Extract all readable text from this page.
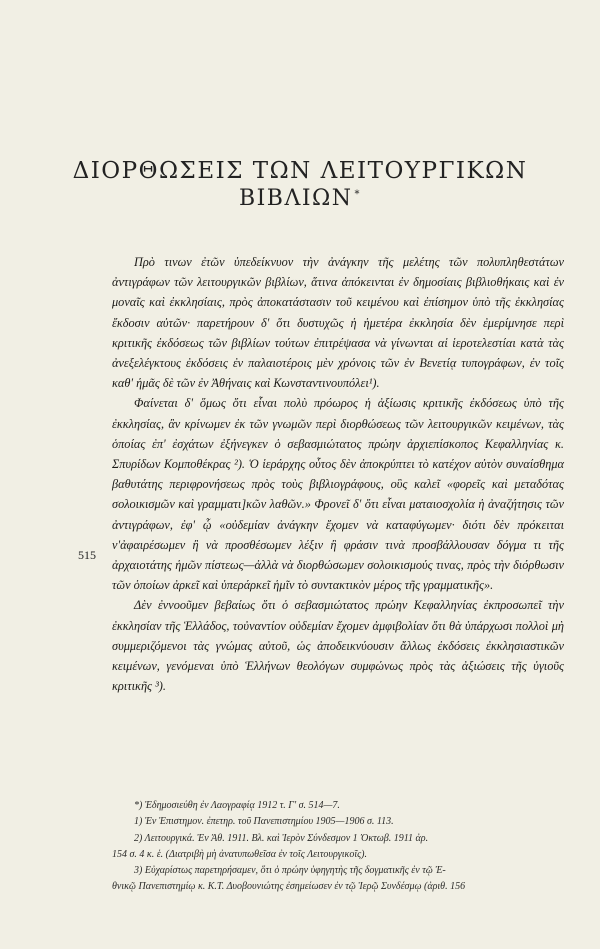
ΔΙΟΡΘΩΣΕΙΣ ΤΩΝ ΛΕΙΤΟΥΡΓΙΚΩΝ
ΒΙΒΛΙΩΝ *

Πρὸ τινων ἐτῶν ὑπεδείκνυον τὴν ἀνάγκην τῆς μελέτης τῶν πολυπληθεστάτων ἀντιγράφων τῶν λειτουργικῶν βιβλίων, ἅτινα ἀπόκεινται ἐν δημοσίαις βιβλιοθήκαις καὶ ἐν μοναῖς καὶ ἐκκλησίαις, πρὸς ἀποκατάστασιν τοῦ κειμένου καὶ ἐπίσημον ὑπὸ τῆς ἐκκλησίας ἔκδοσιν αὐτῶν· παρετήρουν δ' ὅτι δυστυχῶς ἡ ἡμετέρα ἐκκλησία δὲν ἐμερίμνησε περὶ κριτικῆς ἐκδόσεως τῶν βιβλίων τούτων ἐπιτρέψασα νὰ γίνωνται αἱ ἱεροτελεστίαι κατὰ τὰς ἀνεξελέγκτους ἐκδόσεις ἐν παλαιοτέροις μὲν χρόνοις τῶν ἐν Βενετίᾳ τυπογράφων, ἐν τοῖς καθ' ἡμᾶς δὲ τῶν ἐν Ἀθήναις καὶ Κωνσταντινουπόλει¹).

Φαίνεται δ' ὅμως ὅτι εἶναι πολὺ πρόωρος ἡ ἀξίωσις κριτικῆς ἐκδόσεως ὑπὸ τῆς ἐκκλησίας, ἂν κρίνωμεν ἐκ τῶν γνωμῶν περὶ διορθώσεως τῶν λειτουργικῶν κειμένων, τὰς ὁποίας ἐπ' ἐσχάτων ἐξήνεγκεν ὁ σεβασμιώτατος πρώην ἀρχιεπίσκοπος Κεφαλληνίας κ. Σπυρίδων Κομποθέκρας ²). Ὁ ἱεράρχης οὗτος δὲν ἀποκρύπτει τὸ κατέχον αὐτὸν συναίσθημα βαθυτάτης περιφρονήσεως πρὸς τοὺς βιβλιογράφους, οὓς καλεῖ «φορεῖς καὶ μεταδότας σολοικισμῶν καὶ γραμματι]κῶν λαθῶν.» Φρονεῖ δ' ὅτι εἶναι ματαιοσχολία ἡ ἀναζήτησις τῶν ἀντιγράφων, ἐφ' ᾧ «οὐδεμίαν ἀνάγκην ἔχομεν νὰ καταφύγωμεν· διότι δὲν πρόκειται ν'ἀφαιρέσωμεν ἢ νὰ προσθέσωμεν λέξιν ἢ φράσιν τινὰ προσβάλλουσαν δόγμα τι τῆς ἀρχαιοτάτης ἡμῶν πίστεως—ἀλλὰ νὰ διορθώσωμεν σολοικισμούς τινας, πρὸς τὴν διόρθωσιν τῶν ὁποίων ἀρκεῖ καὶ ὑπεράρκεῖ ἡμῖν τὸ συντακτικὸν μέρος τῆς γραμματικῆς».

Δὲν ἐννοοῦμεν βεβαίως ὅτι ὁ σεβασμιώτατος πρώην Κεφαλληνίας ἐκπροσωπεῖ τὴν ἐκκλησίαν τῆς Ἑλλάδος, τοὐναντίον οὐδεμίαν ἔχομεν ἀμφιβολίαν ὅτι θὰ ὑπάρχωσι πολλοὶ μὴ συμμεριζόμενοι τὰς γνώμας αὐτοῦ, ὡς ἀποδεικνύουσιν ἄλλως ἐκδόσεις ἐκκλησιαστικῶν κειμένων, γενόμεναι ὑπὸ Ἑλλήνων θεολόγων συμφώνως πρὸς τὰς ἀξιώσεις τῆς ὑγιοῦς κριτικῆς ³).

515
*) Ἐδημοσιεύθη ἐν Λαογραφίᾳ 1912 τ. Γ' σ. 514—7.
1) Ἐν Ἐπιστημον. ἐπετηρ. τοῦ Πανεπιστημίου 1905—1906 σ. 113.
2) Λειτουργικά. Ἐν Ἀθ. 1911. Βλ. καὶ Ἱερὸν Σύνδεσμον 1 Ὀκτωβ. 1911 ἀρ.
154 σ. 4 κ. ἑ. (Διατριβὴ μὴ ἀνατυπωθεῖσα ἐν τοῖς Λειτουργικοῖς).
3) Εὐχαρίστως παρετηρήσαμεν, ὅτι ὁ πρώην ὑφηγητὴς τῆς δογματικῆς ἐν τῷ Ἐ-
θνικῷ Πανεπιστημίῳ κ. Κ.Τ. Δυοβουνιώτης ἐσημείωσεν ἐν τῷ Ἱερῷ Συνδέσμῳ (ἀριθ. 156
